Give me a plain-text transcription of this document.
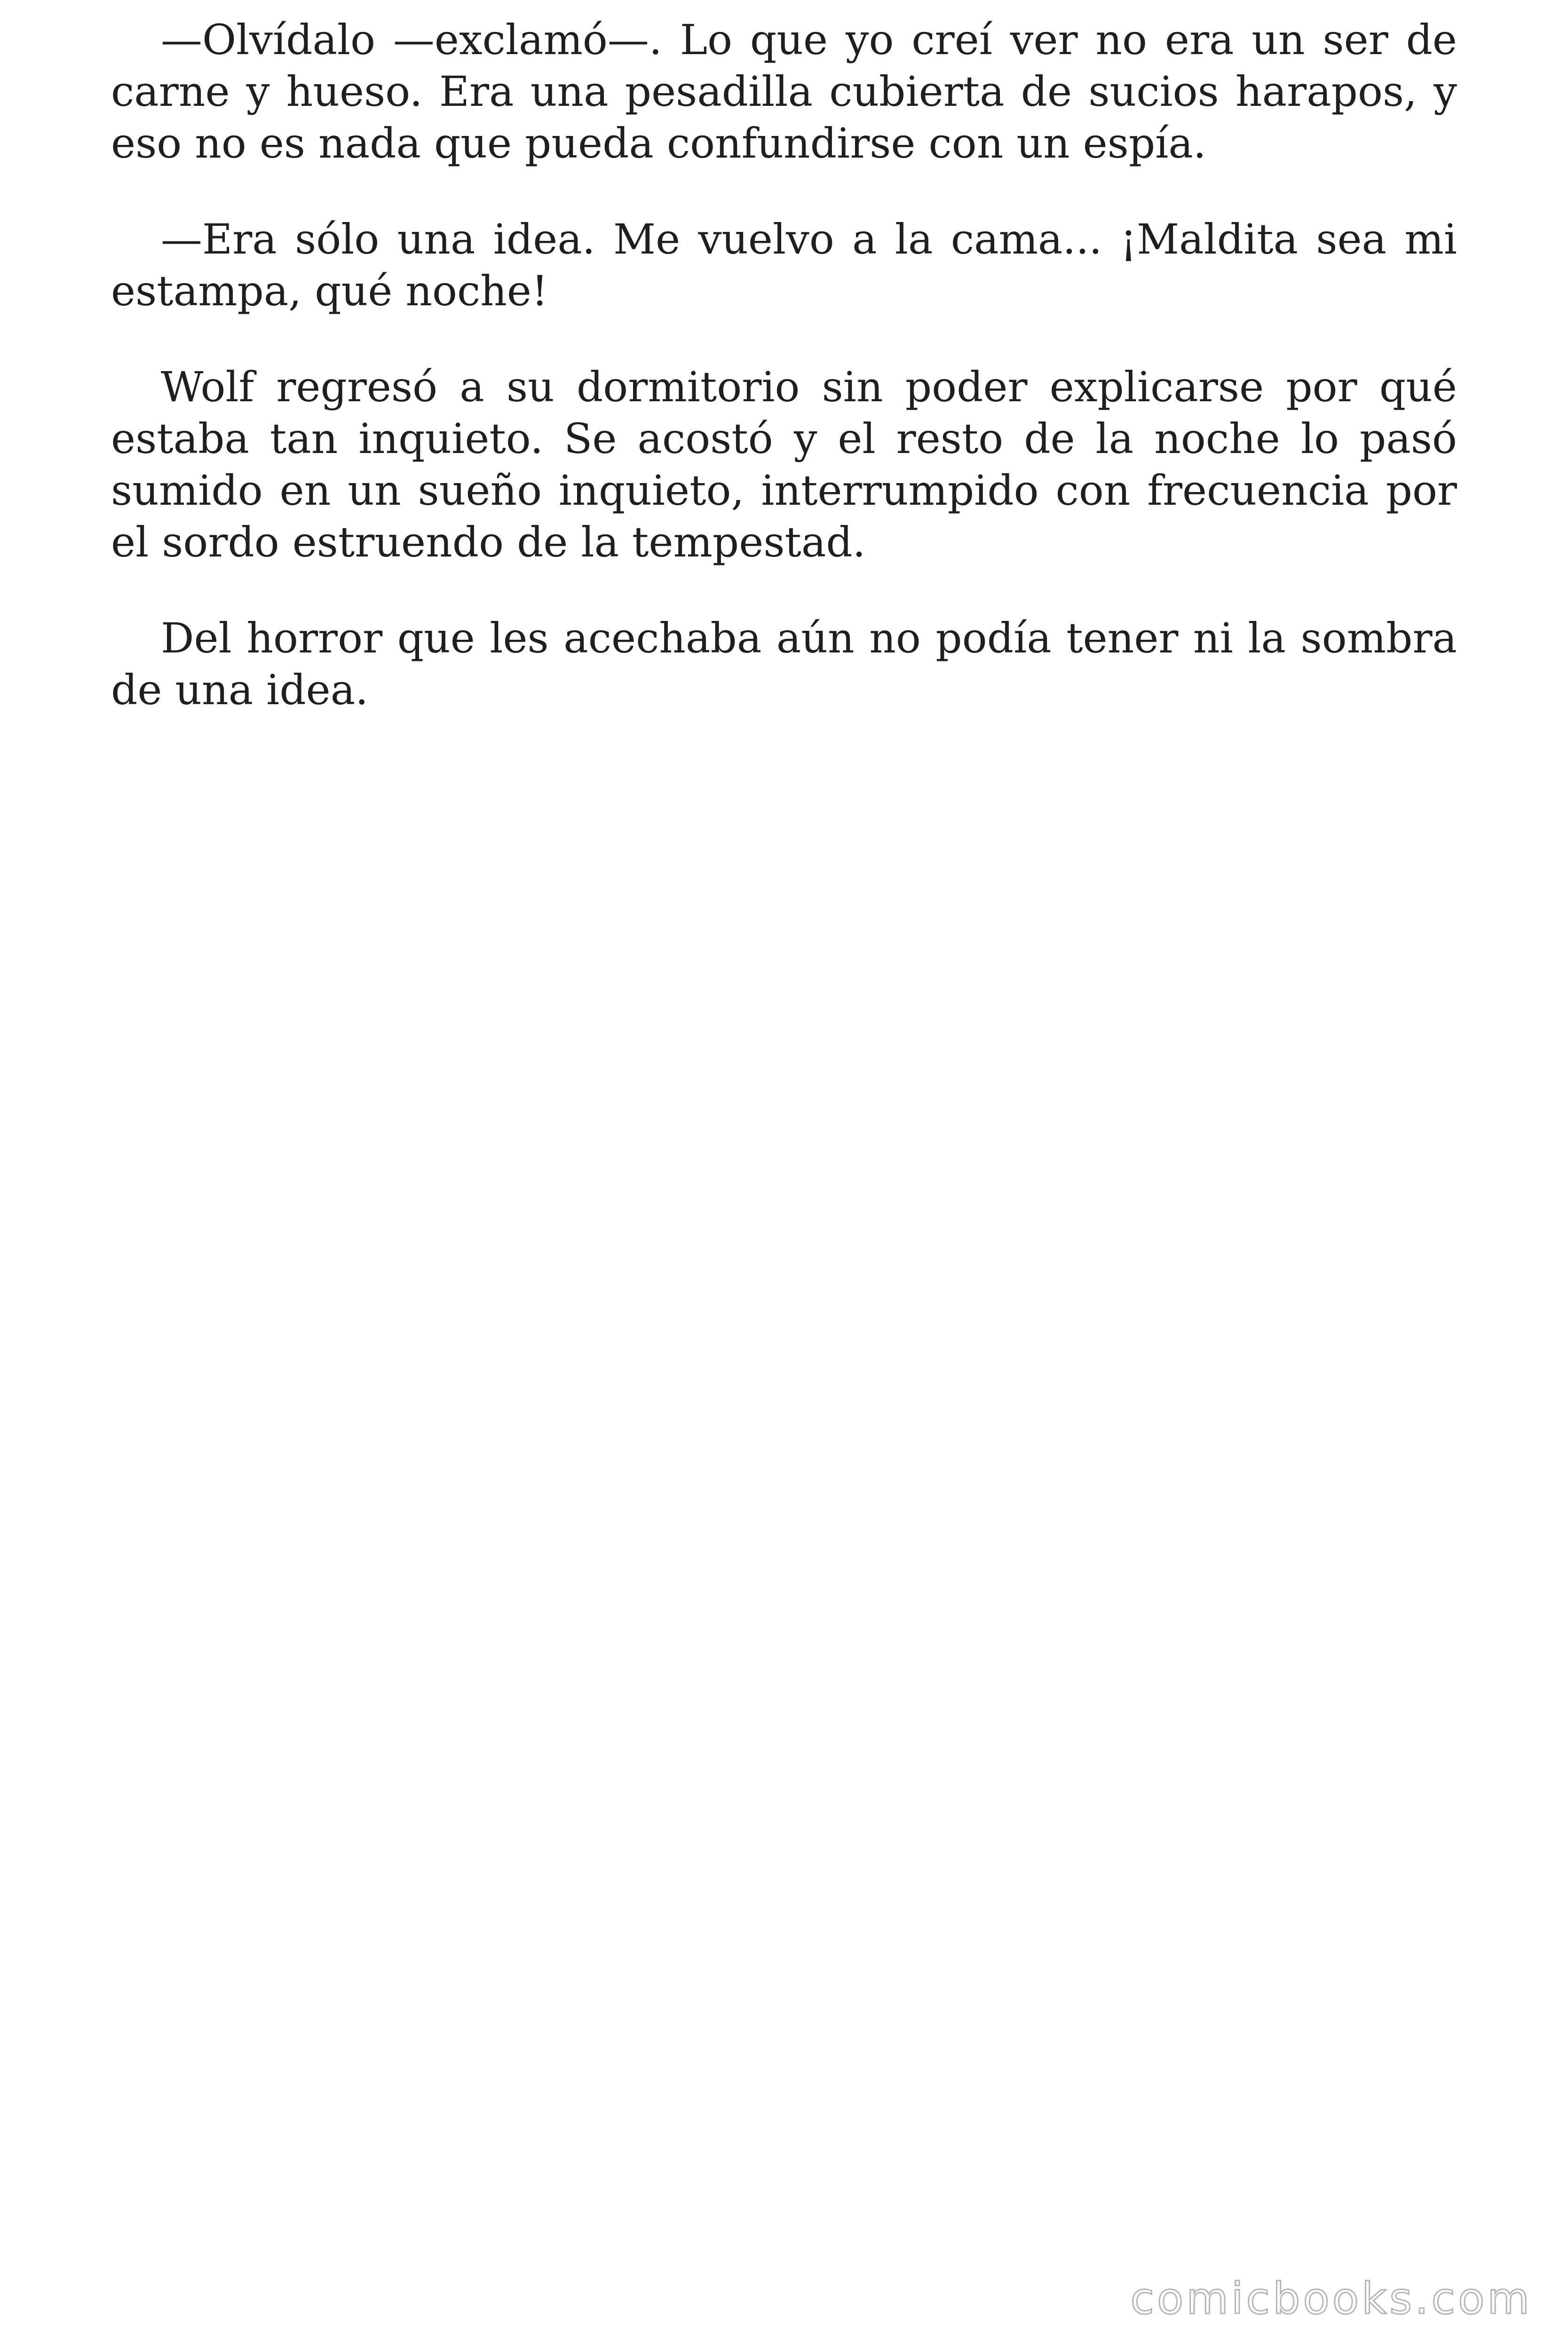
—Olvídalo —exclamó—. Lo que yo creí ver no era un ser de carne y hueso. Era una pesadilla cubierta de sucios harapos, y eso no es nada que pueda confundirse con un espía.

—Era sólo una idea. Me vuelvo a la cama... ¡Maldita sea mi estampa, qué noche!

Wolf regresó a su dormitorio sin poder explicarse por qué estaba tan inquieto. Se acostó y el resto de la noche lo pasó sumido en un sueño inquieto, interrumpido con frecuencia por el sordo estruendo de la tempestad.

Del horror que les acechaba aún no podía tener ni la sombra de una idea.

comicbooks.com
